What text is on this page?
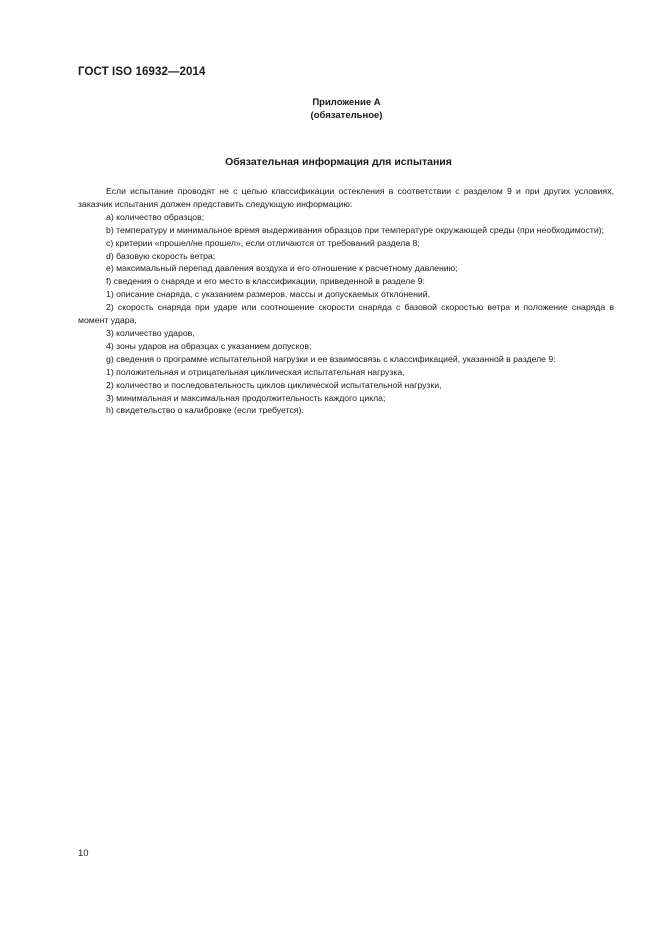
ГОСТ ISO 16932—2014
Приложение А
(обязательное)
Обязательная информация для испытания

Если испытание проводят не с целью классификации остекления в соответствии с разделом 9 и при других условиях, заказчик испытания должен представить следующую информацию:

а) количество образцов;

b) температуру и минимальное время выдерживания образцов при температуре окружающей среды (при необходимости);

с) критерии «прошел/не прошел», если отличаются от требований раздела 8;

d) базовую скорость ветра;

е) максимальный перепад давления воздуха и его отношение к расчетному давлению;

f) сведения о снаряде и его место в классификации, приведенной в разделе 9:

1) описание снаряда, с указанием размеров, массы и допускаемых отклонений,

2) скорость снаряда при ударе или соотношение скорости снаряда с базовой скоростью ветра и положение снаряда в момент удара,

3) количество ударов,

4) зоны ударов на образцах с указанием допусков;

g) сведения о программе испытательной нагрузки и ее взаимосвязь с классификацией, указанной в разделе 9:

1) положительная и отрицательная циклическая испытательная нагрузка,

2) количество и последовательность циклов циклической испытательной нагрузки,

3) минимальная и максимальная продолжительность каждого цикла;

h) свидетельство о калибровке (если требуется).

10
